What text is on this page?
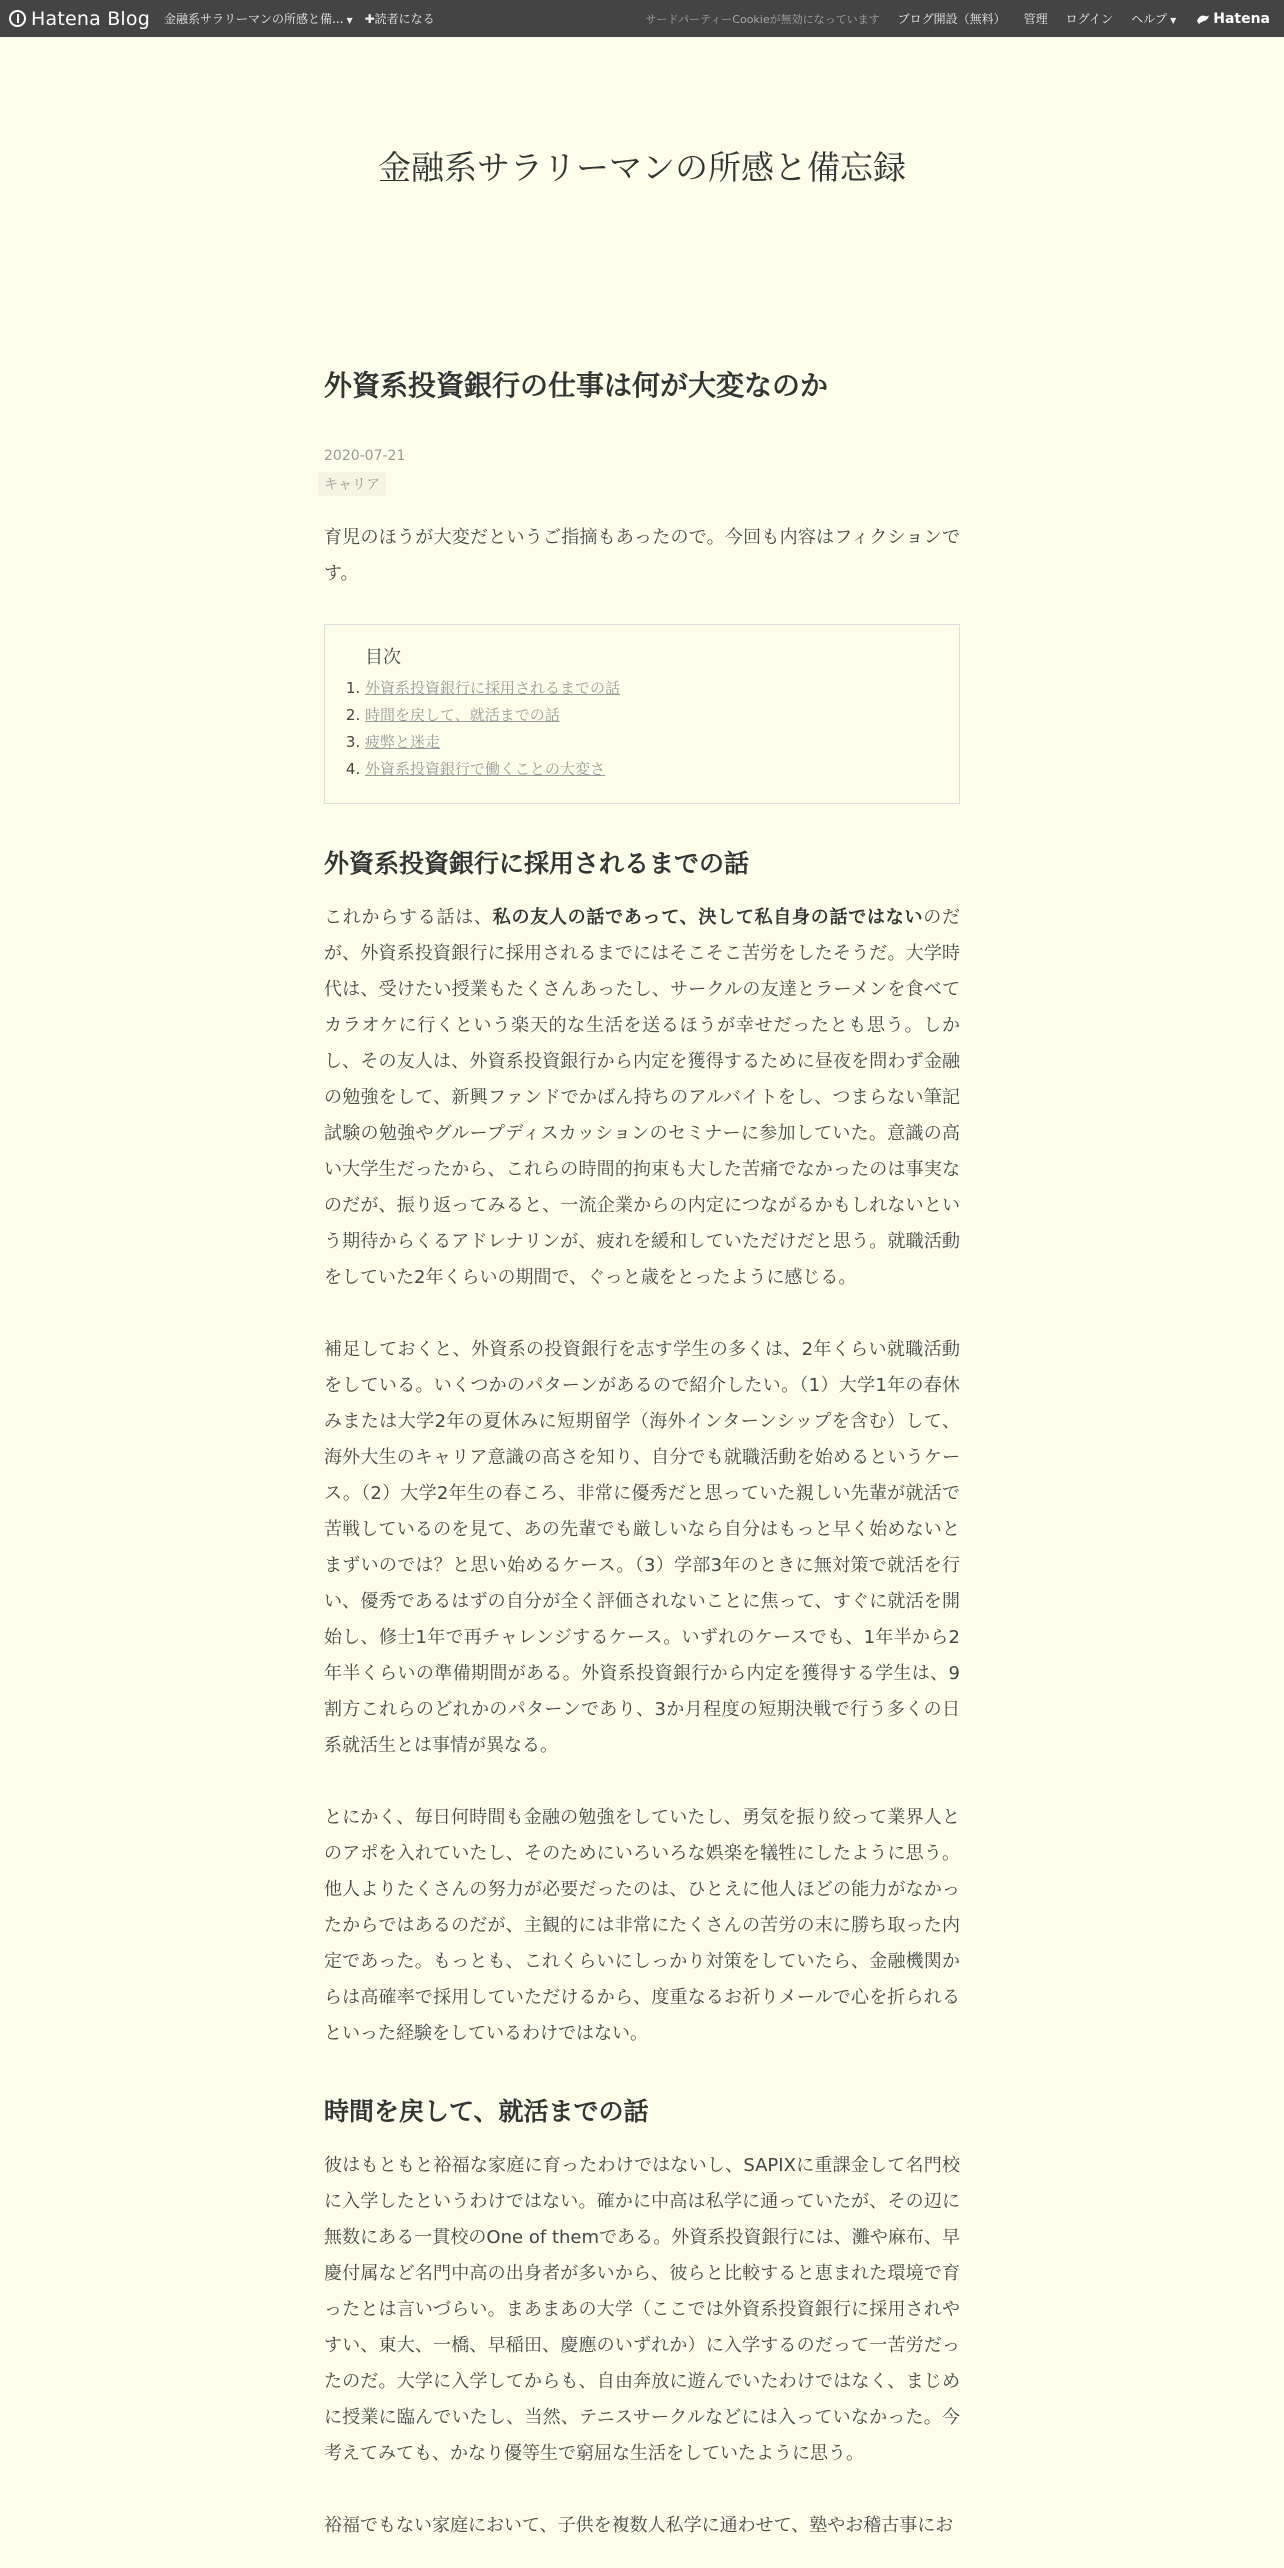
Hatena Blog 金融系サラリーマンの所感と備... ▼ ✚読者になる	サードパーティーCookieが無効になっています ブログ開設（無料） 管理 ログイン ヘルプ ▼	Hatena
金融系サラリーマンの所感と備忘録
外資系投資銀行の仕事は何が大変なのか
2020-07-21
キャリア

育児のほうが大変だというご指摘もあったので。今回も内容はフィクションです。

目次
1. 外資系投資銀行に採用されるまでの話
2. 時間を戻して、就活までの話
3. 疲弊と迷走
4. 外資系投資銀行で働くことの大変さ
外資系投資銀行に採用されるまでの話

これからする話は、私の友人の話であって、決して私自身の話ではないのだが、外資系投資銀行に採用されるまでにはそこそこ苦労をしたそうだ。大学時代は、受けたい授業もたくさんあったし、サークルの友達とラーメンを食べてカラオケに行くという楽天的な生活を送るほうが幸せだったとも思う。しかし、その友人は、外資系投資銀行から内定を獲得するために昼夜を問わず金融の勉強をして、新興ファンドでかばん持ちのアルバイトをし、つまらない筆記試験の勉強やグループディスカッションのセミナーに参加していた。意識の高い大学生だったから、これらの時間的拘束も大した苦痛でなかったのは事実なのだが、振り返ってみると、一流企業からの内定につながるかもしれないという期待からくるアドレナリンが、疲れを緩和していただけだと思う。就職活動をしていた2年くらいの期間で、ぐっと歳をとったように感じる。

補足しておくと、外資系の投資銀行を志す学生の多くは、2年くらい就職活動をしている。いくつかのパターンがあるので紹介したい。（1）大学1年の春休みまたは大学2年の夏休みに短期留学（海外インターンシップを含む）して、海外大生のキャリア意識の高さを知り、自分でも就職活動を始めるというケース。（2）大学2年生の春ころ、非常に優秀だと思っていた親しい先輩が就活で苦戦しているのを見て、あの先輩でも厳しいなら自分はもっと早く始めないとまずいのでは？と思い始めるケース。（3）学部3年のときに無対策で就活を行い、優秀であるはずの自分が全く評価されないことに焦って、すぐに就活を開始し、修士1年で再チャレンジするケース。いずれのケースでも、1年半から2年半くらいの準備期間がある。外資系投資銀行から内定を獲得する学生は、9割方これらのどれかのパターンであり、3か月程度の短期決戦で行う多くの日系就活生とは事情が異なる。

とにかく、毎日何時間も金融の勉強をしていたし、勇気を振り絞って業界人とのアポを入れていたし、そのためにいろいろな娯楽を犠牲にしたように思う。他人よりたくさんの努力が必要だったのは、ひとえに他人ほどの能力がなかったからではあるのだが、主観的には非常にたくさんの苦労の末に勝ち取った内定であった。もっとも、これくらいにしっかり対策をしていたら、金融機関からは高確率で採用していただけるから、度重なるお祈りメールで心を折られるといった経験をしているわけではない。

時間を戻して、就活までの話

彼はもともと裕福な家庭に育ったわけではないし、SAPIXに重課金して名門校に入学したというわけではない。確かに中高は私学に通っていたが、その辺に無数にある一貫校のOne of themである。外資系投資銀行には、灘や麻布、早慶付属など名門中高の出身者が多いから、彼らと比較すると恵まれた環境で育ったとは言いづらい。まあまあの大学（ここでは外資系投資銀行に採用されやすい、東大、一橋、早稲田、慶應のいずれか）に入学するのだって一苦労だったのだ。大学に入学してからも、自由奔放に遊んでいたわけではなく、まじめに授業に臨んでいたし、当然、テニスサークルなどには入っていなかった。今考えてみても、かなり優等生で窮屈な生活をしていたように思う。

裕福でもない家庭において、子供を複数人私学に通わせて、塾やお稽古事にお
